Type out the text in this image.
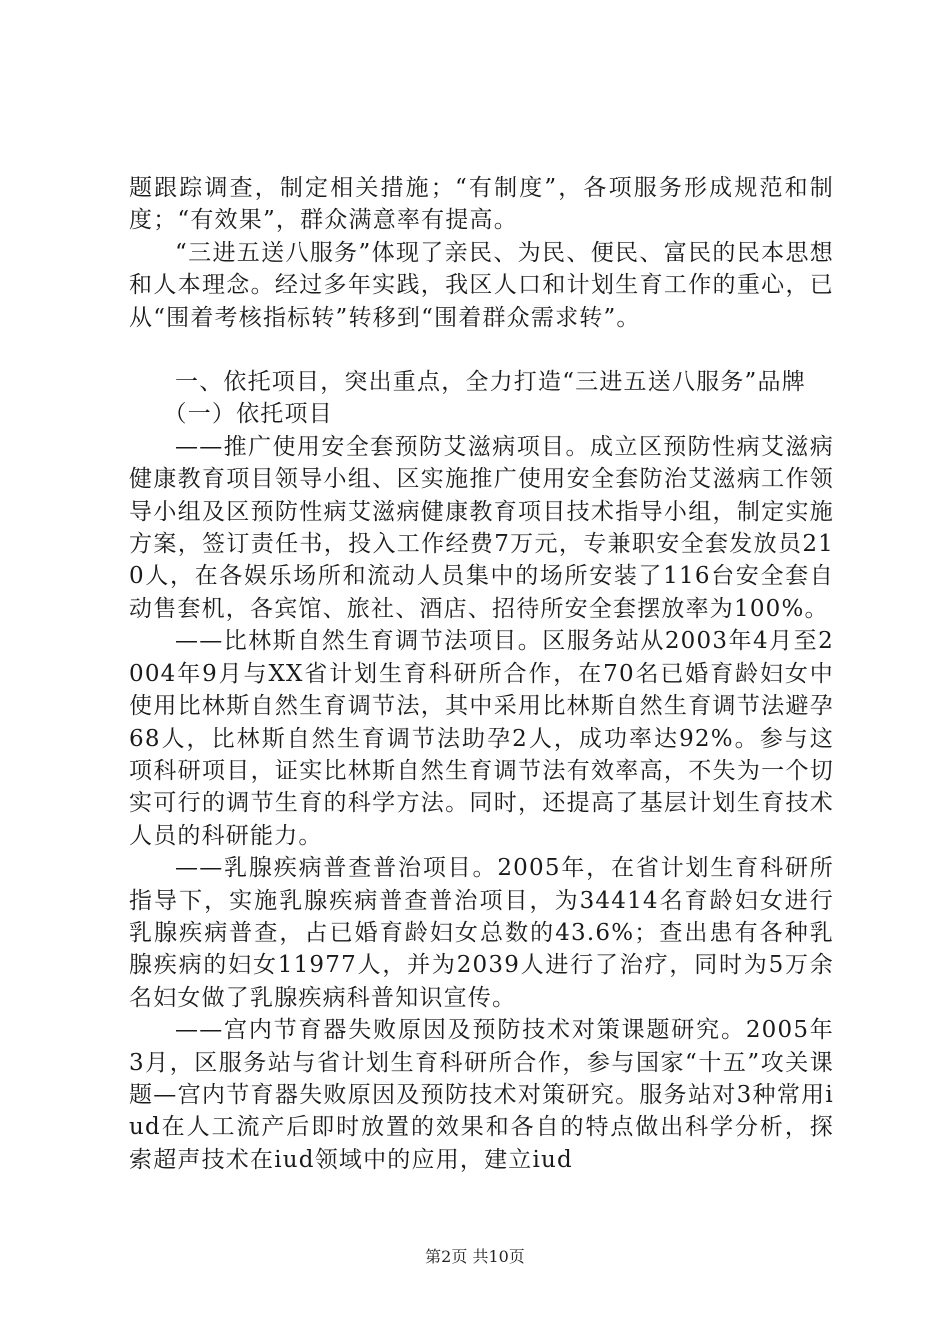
题跟踪调查，制定相关措施；“有制度”，各项服务形成规范和制度；“有效果”，群众满意率有提高。

“三进五送八服务”体现了亲民、为民、便民、富民的民本思想和人本理念。经过多年实践，我区人口和计划生育工作的重心，已从“围着考核指标转”转移到“围着群众需求转”。

一、依托项目，突出重点，全力打造“三进五送八服务”品牌

（一）依托项目

——推广使用安全套预防艾滋病项目。成立区预防性病艾滋病健康教育项目领导小组、区实施推广使用安全套防治艾滋病工作领导小组及区预防性病艾滋病健康教育项目技术指导小组，制定实施方案，签订责任书，投入工作经费7万元，专兼职安全套发放员210人，在各娱乐场所和流动人员集中的场所安装了116台安全套自动售套机，各宾馆、旅社、酒店、招待所安全套摆放率为100%。

——比林斯自然生育调节法项目。区服务站从2003年4月至2004年9月与XX省计划生育科研所合作，在70名已婚育龄妇女中使用比林斯自然生育调节法，其中采用比林斯自然生育调节法避孕68人，比林斯自然生育调节法助孕2人，成功率达92%。参与这项科研项目，证实比林斯自然生育调节法有效率高，不失为一个切实可行的调节生育的科学方法。同时，还提高了基层计划生育技术人员的科研能力。

——乳腺疾病普查普治项目。2005年，在省计划生育科研所指导下，实施乳腺疾病普查普治项目，为34414名育龄妇女进行乳腺疾病普查，占已婚育龄妇女总数的43.6%；查出患有各种乳腺疾病的妇女11977人，并为2039人进行了治疗，同时为5万余名妇女做了乳腺疾病科普知识宣传。

——宫内节育器失败原因及预防技术对策课题研究。2005年3月，区服务站与省计划生育科研所合作，参与国家“十五”攻关课题—宫内节育器失败原因及预防技术对策研究。服务站对3种常用iud在人工流产后即时放置的效果和各自的特点做出科学分析，探索超声技术在iud领域中的应用，建立iud

第2页 共10页
